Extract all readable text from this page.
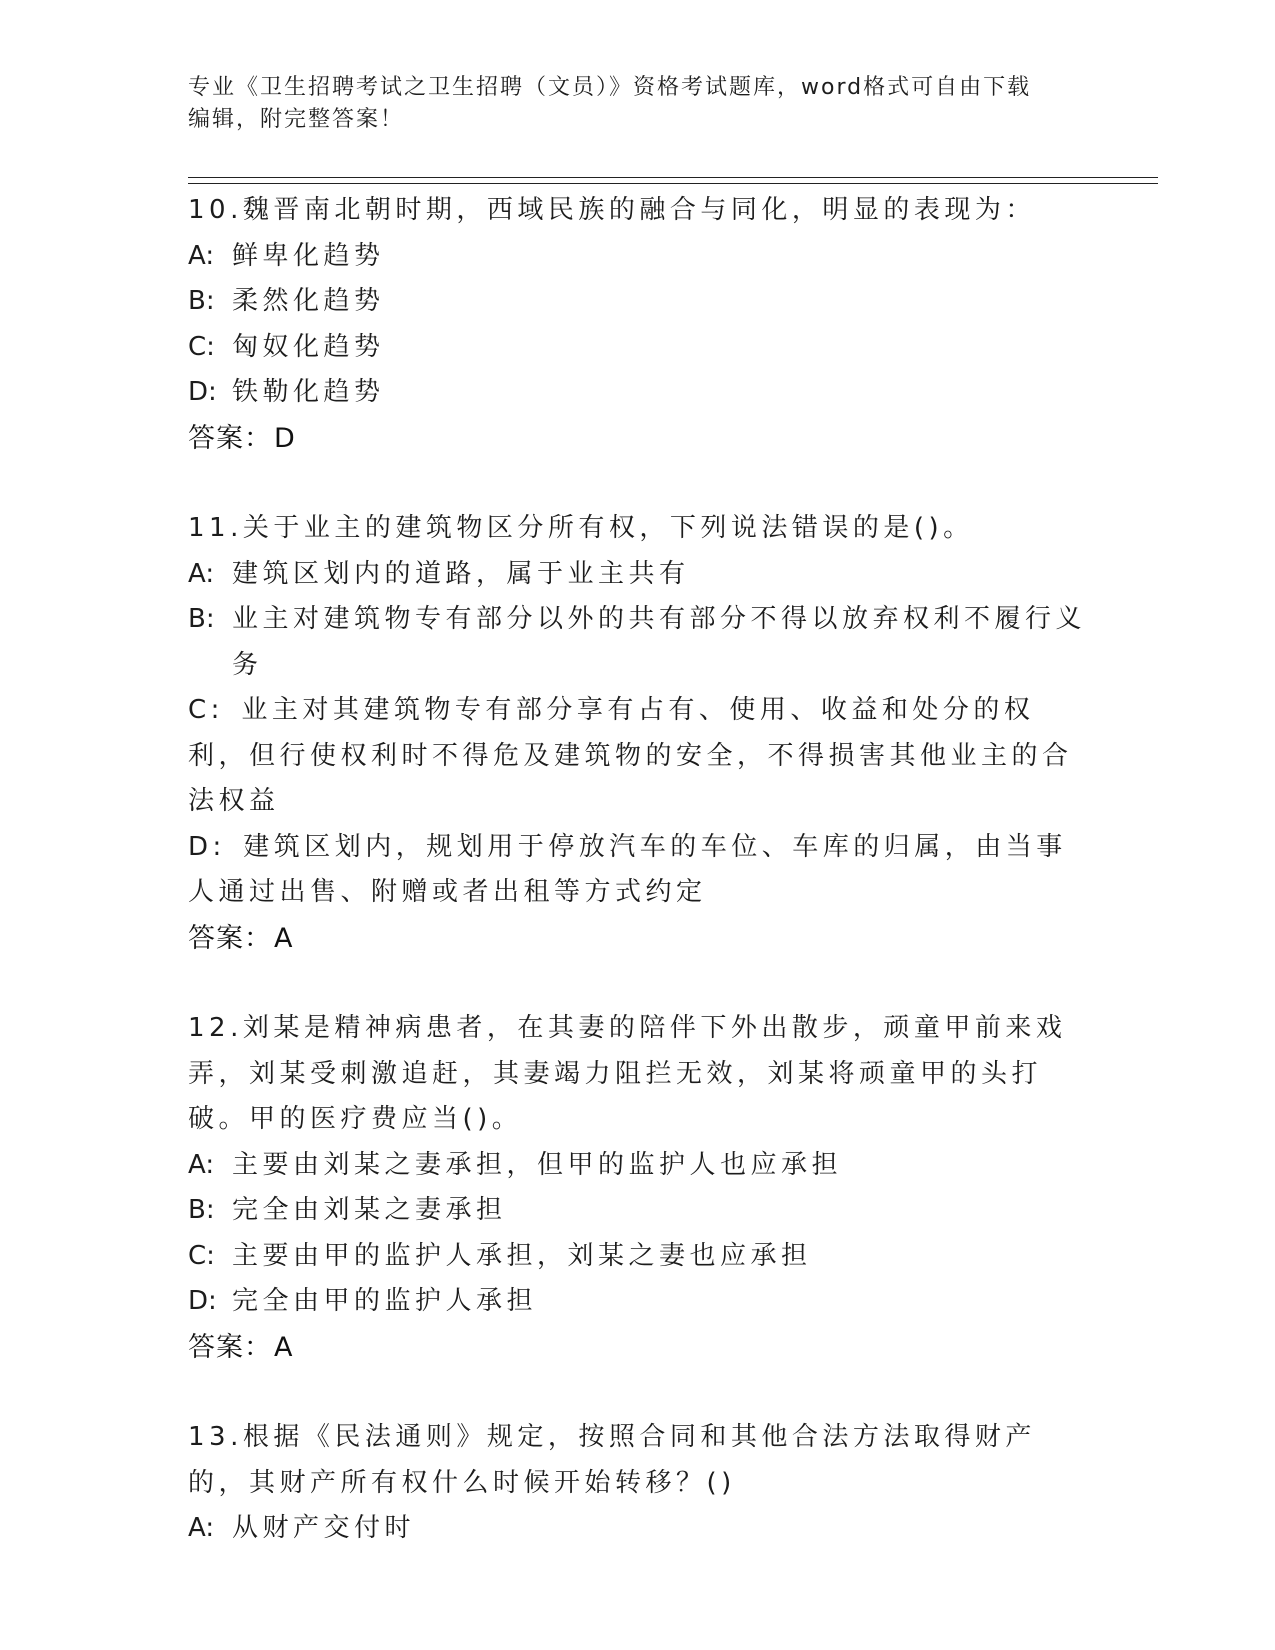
专业《卫生招聘考试之卫生招聘（文员）》资格考试题库，word格式可自由下载
编辑，附完整答案！
10.魏晋南北朝时期，西域民族的融合与同化，明显的表现为：
A: 鲜卑化趋势
B: 柔然化趋势
C: 匈奴化趋势
D: 铁勒化趋势
答案：D
11.关于业主的建筑物区分所有权，下列说法错误的是()。
A: 建筑区划内的道路，属于业主共有
B: 业主对建筑物专有部分以外的共有部分不得以放弃权利不履行义务
C:  业主对其建筑物专有部分享有占有、使用、收益和处分的权利，但行使权利时不得危及建筑物的安全，不得损害其他业主的合法权益
D:  建筑区划内，规划用于停放汽车的车位、车库的归属，由当事人通过出售、附赠或者出租等方式约定
答案：A
12.刘某是精神病患者，在其妻的陪伴下外出散步，顽童甲前来戏弄，刘某受刺激追赶，其妻竭力阻拦无效，刘某将顽童甲的头打破。甲的医疗费应当()。
A: 主要由刘某之妻承担，但甲的监护人也应承担
B: 完全由刘某之妻承担
C: 主要由甲的监护人承担，刘某之妻也应承担
D: 完全由甲的监护人承担
答案：A
13.根据《民法通则》规定，按照合同和其他合法方法取得财产的，其财产所有权什么时候开始转移？()
A: 从财产交付时
